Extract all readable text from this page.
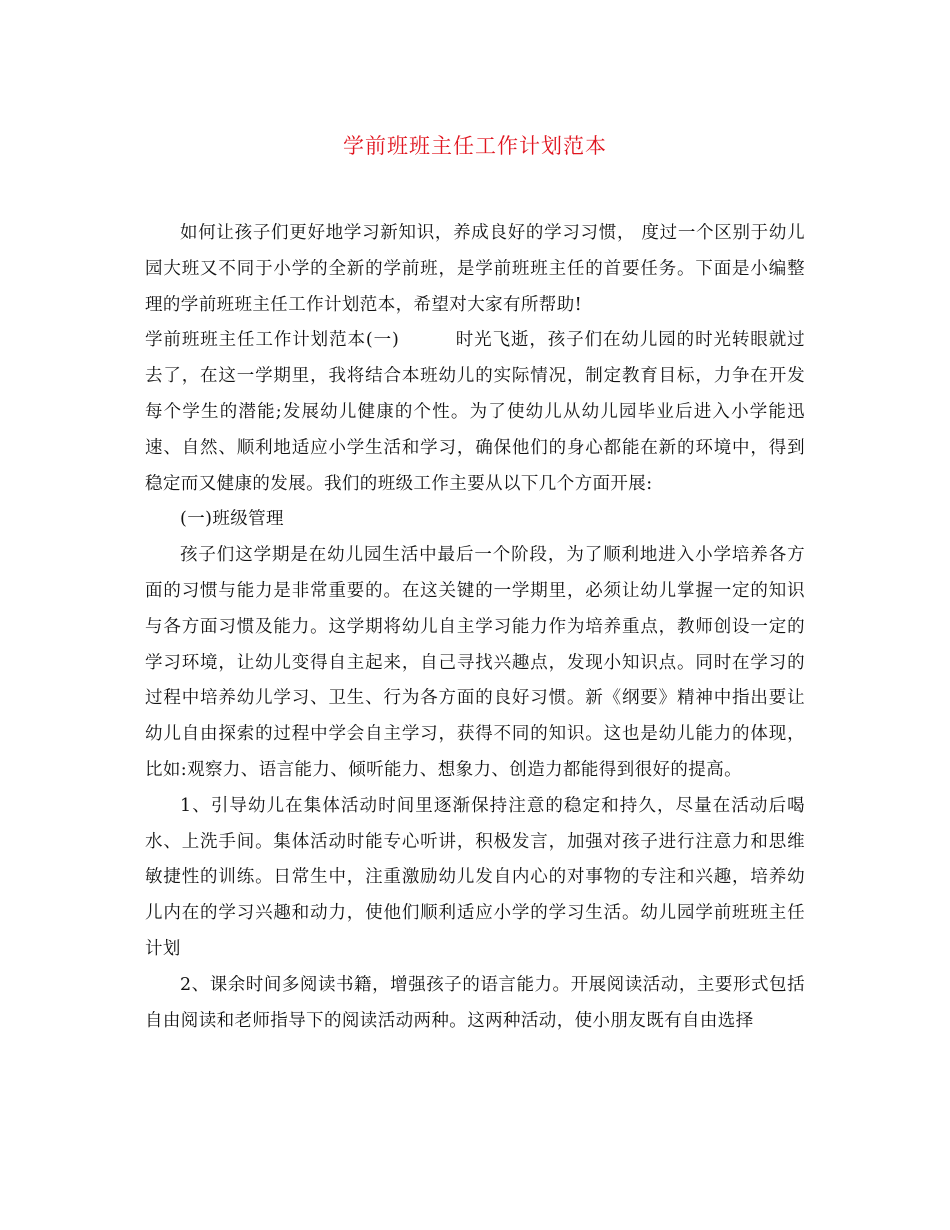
学前班班主任工作计划范本

如何让孩子们更好地学习新知识，养成良好的学习习惯， 度过一个区别于幼儿园大班又不同于小学的全新的学前班，是学前班班主任的首要任务。下面是小编整理的学前班班主任工作计划范本，希望对大家有所帮助!

学前班班主任工作计划范本(一)	时光飞逝，孩子们在幼儿园的时光转眼就过去了，在这一学期里，我将结合本班幼儿的实际情况，制定教育目标，力争在开发每个学生的潜能;发展幼儿健康的个性。为了使幼儿从幼儿园毕业后进入小学能迅速、自然、顺利地适应小学生活和学习，确保他们的身心都能在新的环境中，得到稳定而又健康的发展。我们的班级工作主要从以下几个方面开展:

(一)班级管理

孩子们这学期是在幼儿园生活中最后一个阶段，为了顺利地进入小学培养各方面的习惯与能力是非常重要的。在这关键的一学期里，必须让幼儿掌握一定的知识与各方面习惯及能力。这学期将幼儿自主学习能力作为培养重点，教师创设一定的学习环境，让幼儿变得自主起来，自己寻找兴趣点，发现小知识点。同时在学习的过程中培养幼儿学习、卫生、行为各方面的良好习惯。新《纲要》精神中指出要让幼儿自由探索的过程中学会自主学习，获得不同的知识。这也是幼儿能力的体现，比如:观察力、语言能力、倾听能力、想象力、创造力都能得到很好的提高。

1、引导幼儿在集体活动时间里逐渐保持注意的稳定和持久，尽量在活动后喝水、上洗手间。集体活动时能专心听讲，积极发言，加强对孩子进行注意力和思维敏捷性的训练。日常生中，注重激励幼儿发自内心的对事物的专注和兴趣，培养幼儿内在的学习兴趣和动力，使他们顺利适应小学的学习生活。幼儿园学前班班主任计划

2、课余时间多阅读书籍，增强孩子的语言能力。开展阅读活动，主要形式包括自由阅读和老师指导下的阅读活动两种。这两种活动，使小朋友既有自由选择
